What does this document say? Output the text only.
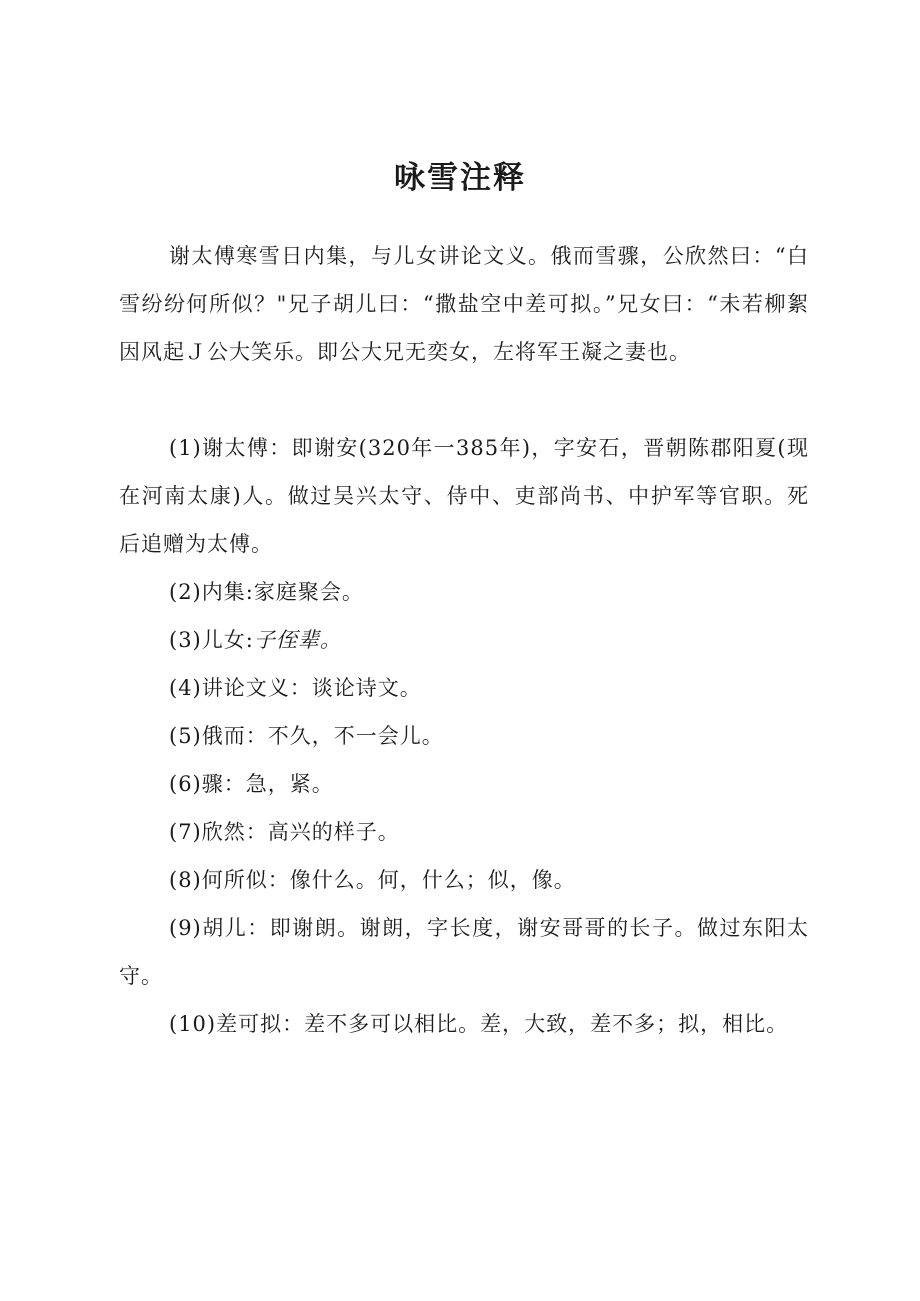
咏雪注释

谢太傅寒雪日内集，与儿女讲论文义。俄而雪骤，公欣然曰：“白雪纷纷何所似？"兄子胡儿曰：“撒盐空中差可拟。”兄女曰：“未若柳絮因风起Ｊ公大笑乐。即公大兄无奕女，左将军王凝之妻也。

(1)谢太傅：即谢安(320年一385年)，字安石，晋朝陈郡阳夏(现在河南太康)人。做过吴兴太守、侍中、吏部尚书、中护军等官职。死后追赠为太傅。

(2)内集:家庭聚会。

(3)儿女:子侄辈。

(4)讲论文义：谈论诗文。

(5)俄而：不久，不一会儿。

(6)骤：急，紧。

(7)欣然：高兴的样子。

(8)何所似：像什么。何，什么；似，像。

(9)胡儿：即谢朗。谢朗，字长度，谢安哥哥的长子。做过东阳太守。

(10)差可拟：差不多可以相比。差，大致，差不多；拟，相比。
